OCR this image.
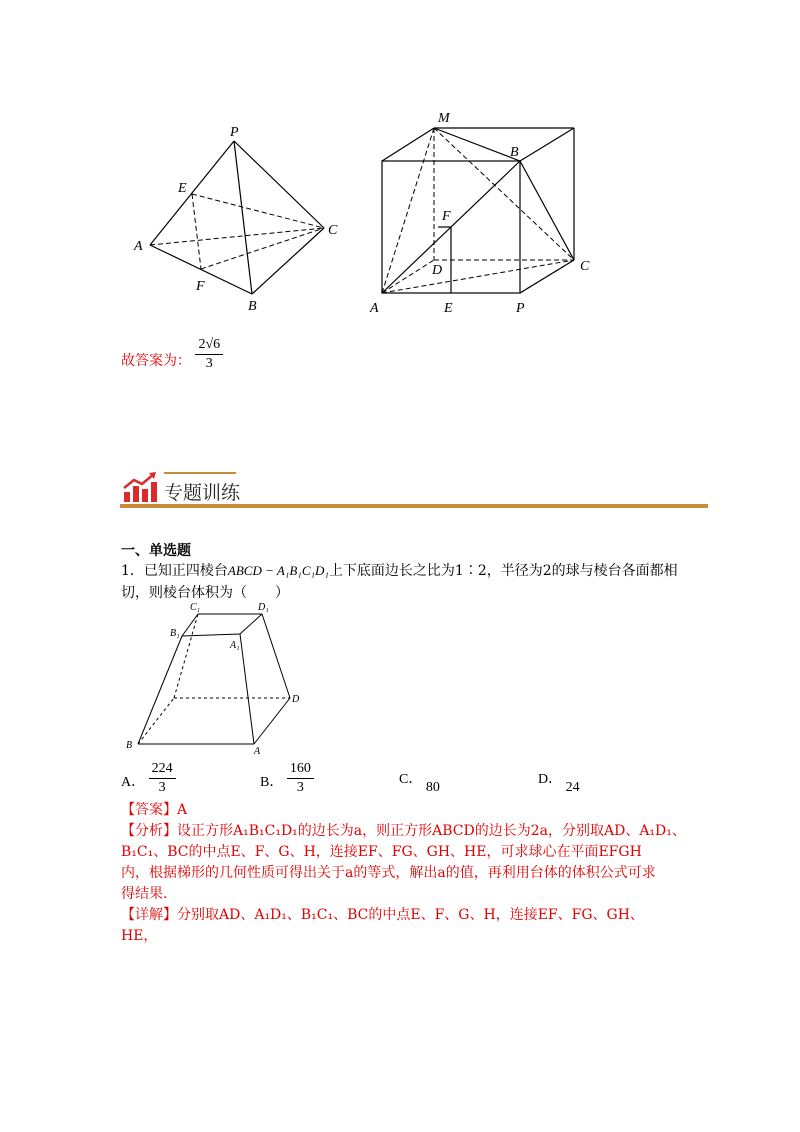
P
E
A
C
F
B
M
B
F
D	C
A	E	P
故答案为： $\frac{2√6}{3}$
专题训练
一、单选题
1．已知正四棱台ABCD − A₁B₁C₁D₁上下底面边长之比为1∶2，半径为2的球与棱台各面都相
切，则棱台体积为（　　）
C₁	D₁
B₁
A₁
D
B
A
A． $\frac{224}{3}$	B． $\frac{160}{3}$	C． 80
D． 24
【答案】A
【分析】设正方形A₁B₁C₁D₁的边长为a，则正方形ABCD的边长为2a，分别取AD、A₁D₁、
B₁C₁、BC的中点E、F、G、H，连接EF、FG、GH、HE，可求球心在平面EFGH
内，根据梯形的几何性质可得出关于a的等式，解出a的值，再利用台体的体积公式可求
得结果.
【详解】分别取AD、A₁D₁、B₁C₁、BC的中点E、F、G、H，连接EF、FG、GH、
HE，
